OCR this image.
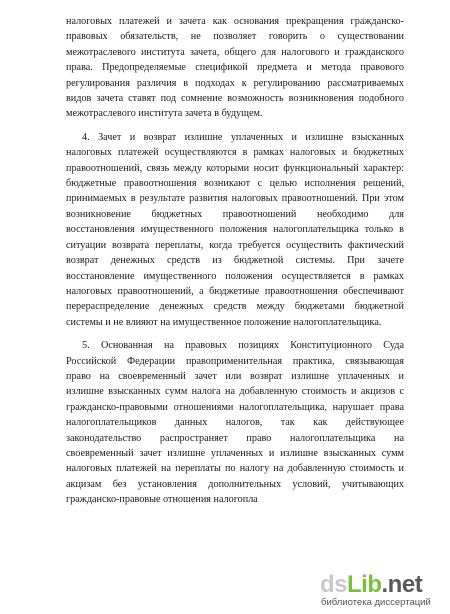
налоговых платежей и зачета как основания прекращения гражданско-
правовых обязательств, не позволяет говорить о существовании
межотраслевого института зачета, общего для налогового и гражданского
права. Предопределяемые спецификой предмета и метода правового
регулирования различия в подходах к регулированию рассматриваемых
видов зачета ставят под сомнение возможность возникновения подобного
межотраслевого института зачета в будущем.
4. Зачет и возврат излишне уплаченных и излишне взысканных
налоговых платежей осуществляются в рамках налоговых и бюджетных
правоотношений, связь между которыми носит функциональный характер:
бюджетные правоотношения возникают с целью исполнения решений,
принимаемых в результате развития налоговых правоотношений. При этом
возникновение бюджетных правоотношений необходимо для
восстановления имущественного положения налогоплательщика только в
ситуации возврата переплаты, когда требуется осуществить фактический
возврат денежных средств из бюджетной системы. При зачете
восстановление имущественного положения осуществляется в рамках
налоговых правоотношений, а бюджетные правоотношения обеспечивают
перераспределение денежных средств между бюджетами бюджетной
системы и не влияют на имущественное положение налогоплательщика.
5. Основанная на правовых позициях Конституционного Суда
Российской Федерации правоприменительная практика, связывающая
право на своевременный зачет или возврат излишне уплаченных и
излишне взысканных сумм налога на добавленную стоимость и акцизов с
гражданско-правовыми отношениями налогоплательщика, нарушает права
налогоплательщиков данных налогов, так как действующее
законодательство распространяет право налогоплательщика на
своевременный зачет излишне уплаченных и излишне взысканных сумм
налоговых платежей на переплаты по налогу на добавленную стоимость и
акцизам без установления дополнительных условий, учитывающих
гражданско-правовые отношения налогопла
dsLib.net
библиотека диссертаций
